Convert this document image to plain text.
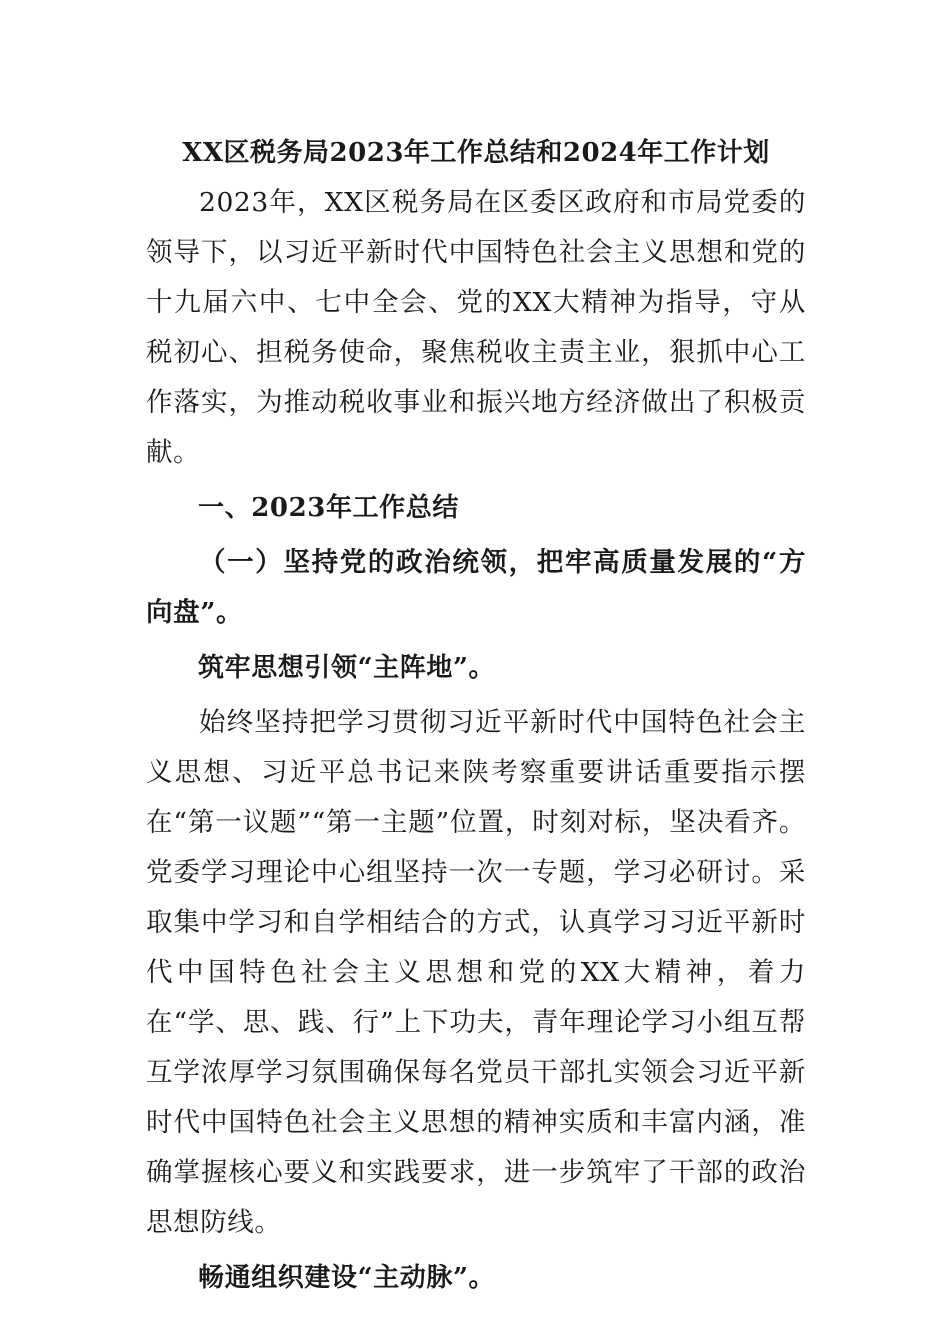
XX区税务局2023年工作总结和2024年工作计划

2023年，XX区税务局在区委区政府和市局党委的领导下，以习近平新时代中国特色社会主义思想和党的十九届六中、七中全会、党的XX大精神为指导，守从税初心、担税务使命，聚焦税收主责主业，狠抓中心工作落实，为推动税收事业和振兴地方经济做出了积极贡献。

一、2023年工作总结

（一）坚持党的政治统领，把牢高质量发展的“方向盘”。

筑牢思想引领“主阵地”。

始终坚持把学习贯彻习近平新时代中国特色社会主义思想、习近平总书记来陕考察重要讲话重要指示摆在“第一议题”“第一主题”位置，时刻对标，坚决看齐。党委学习理论中心组坚持一次一专题，学习必研讨。采取集中学习和自学相结合的方式，认真学习习近平新时代中国特色社会主义思想和党的XX大精神，着力在“学、思、践、行”上下功夫，青年理论学习小组互帮互学浓厚学习氛围确保每名党员干部扎实领会习近平新时代中国特色社会主义思想的精神实质和丰富内涵，准确掌握核心要义和实践要求，进一步筑牢了干部的政治思想防线。

畅通组织建设“主动脉”。
